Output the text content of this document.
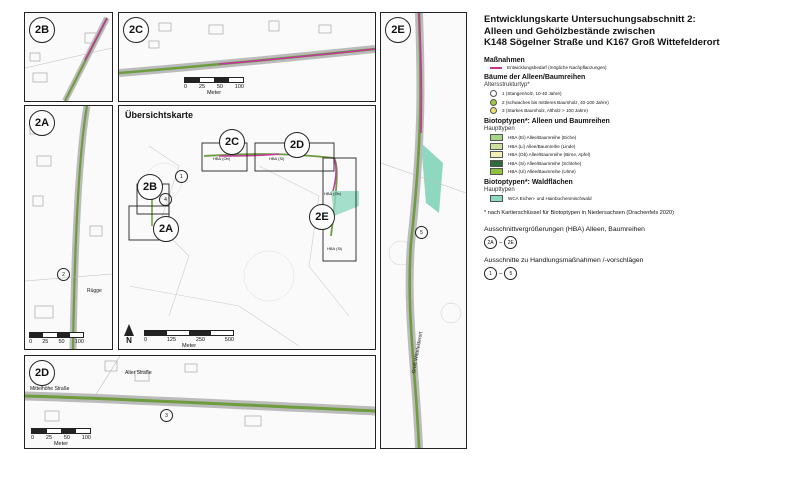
2B	2C
0 25 50 100
Meter
2A
2
Rügge
0 25 50 100
Übersichtskarte
2C	2D
2B
2A
2E
1
4
HBA (Ob)	HBA (Si)
HBA (Ob)
HBA (Si)
N	0	125	250	500
Meter
2D
Mittelhöhe Straße
Alter Straße
3
0 25 50 100
Meter
2E
5
Groß Wittefelderort
Entwicklungskarte Untersuchungsabschnitt 2:
Alleen und Gehölzbestände zwischen
K148 Sögelner Straße und K167 Groß Wittefelderort
Maßnahmen
Entwicklungsbedarf (mögliche Nachpflanzungen)
Bäume der Alleen/Baumreihen
Altersstrukturtyp*
1 (Stangenholz, 10-40 Jahre)
2 (schwaches bis mittleres Baumholz, 40-100 Jahre)
3 (Starkes Baumholz, Altholz > 100 Jahre)
Biotoptypen*: Alleen und Baumreihen
Haupttypen
HBA (Ei) Allee/Baumreihe (Eiche)
HBA (Li) Allee/Baumreihe (Linde)
HBA (Ob) Allee/Baumreihe (Birne, Apfel)
HBA (Si) Allee/Baumreihe (Schlehe)
HBA (Ul) Allee/Baumreihe (Ulme)
Biotoptypen*: Waldflächen
Haupttypen
WCA Eichen- und Hainbuchenmischwald
* nach Kartierschlüssel für Biotoptypen in Niedersachsen (Drachenfels 2020)
Ausschnittvergrößerungen (HBA) Alleen, Baumreihen
2A –	2E
Ausschnitte zu Handlungsmaßnahmen /-vorschlägen
1	–	5
